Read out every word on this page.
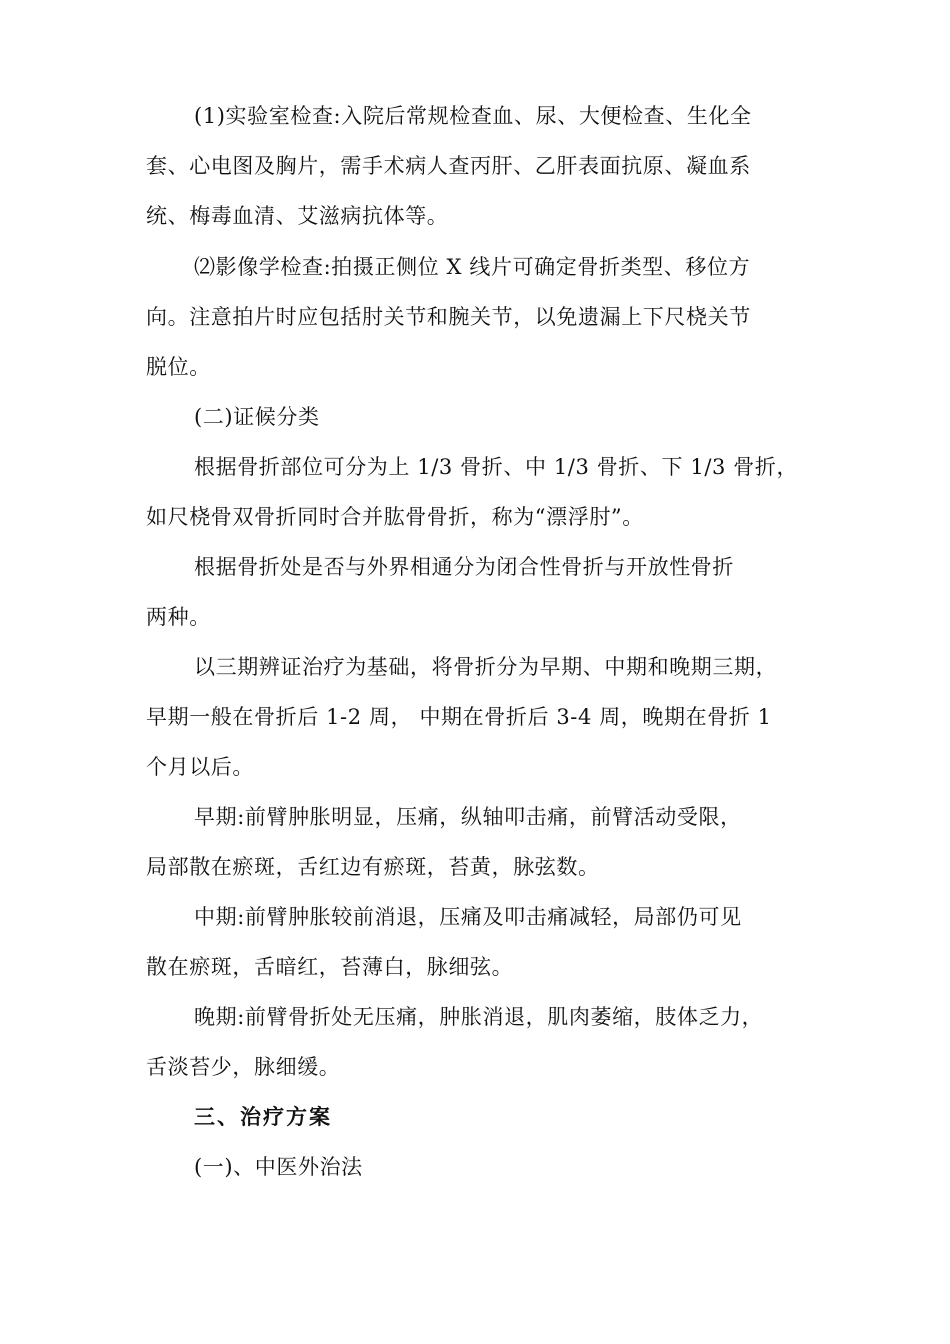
(1)实验室检查:入院后常规检查血、尿、大便检查、生化全
套、心电图及胸片，需手术病人查丙肝、乙肝表面抗原、凝血系
统、梅毒血清、艾滋病抗体等。
⑵影像学检查:拍摄正侧位 X 线片可确定骨折类型、移位方
向。注意拍片时应包括肘关节和腕关节，以免遗漏上下尺桡关节
脱位。
(二)证候分类
根据骨折部位可分为上 1/3 骨折、中 1/3 骨折、下 1/3 骨折，
如尺桡骨双骨折同时合并肱骨骨折，称为“漂浮肘”。
根据骨折处是否与外界相通分为闭合性骨折与开放性骨折
两种。
以三期辨证治疗为基础，将骨折分为早期、中期和晚期三期，
早期一般在骨折后 1-2 周， 中期在骨折后 3-4 周，晚期在骨折 1
个月以后。
早期:前臂肿胀明显，压痛，纵轴叩击痛，前臂活动受限，
局部散在瘀斑，舌红边有瘀斑，苔黄，脉弦数。
中期:前臂肿胀较前消退，压痛及叩击痛减轻，局部仍可见
散在瘀斑，舌暗红，苔薄白，脉细弦。
晚期:前臂骨折处无压痛，肿胀消退，肌肉萎缩，肢体乏力，
舌淡苔少，脉细缓。
三、治疗方案
(一)、中医外治法
